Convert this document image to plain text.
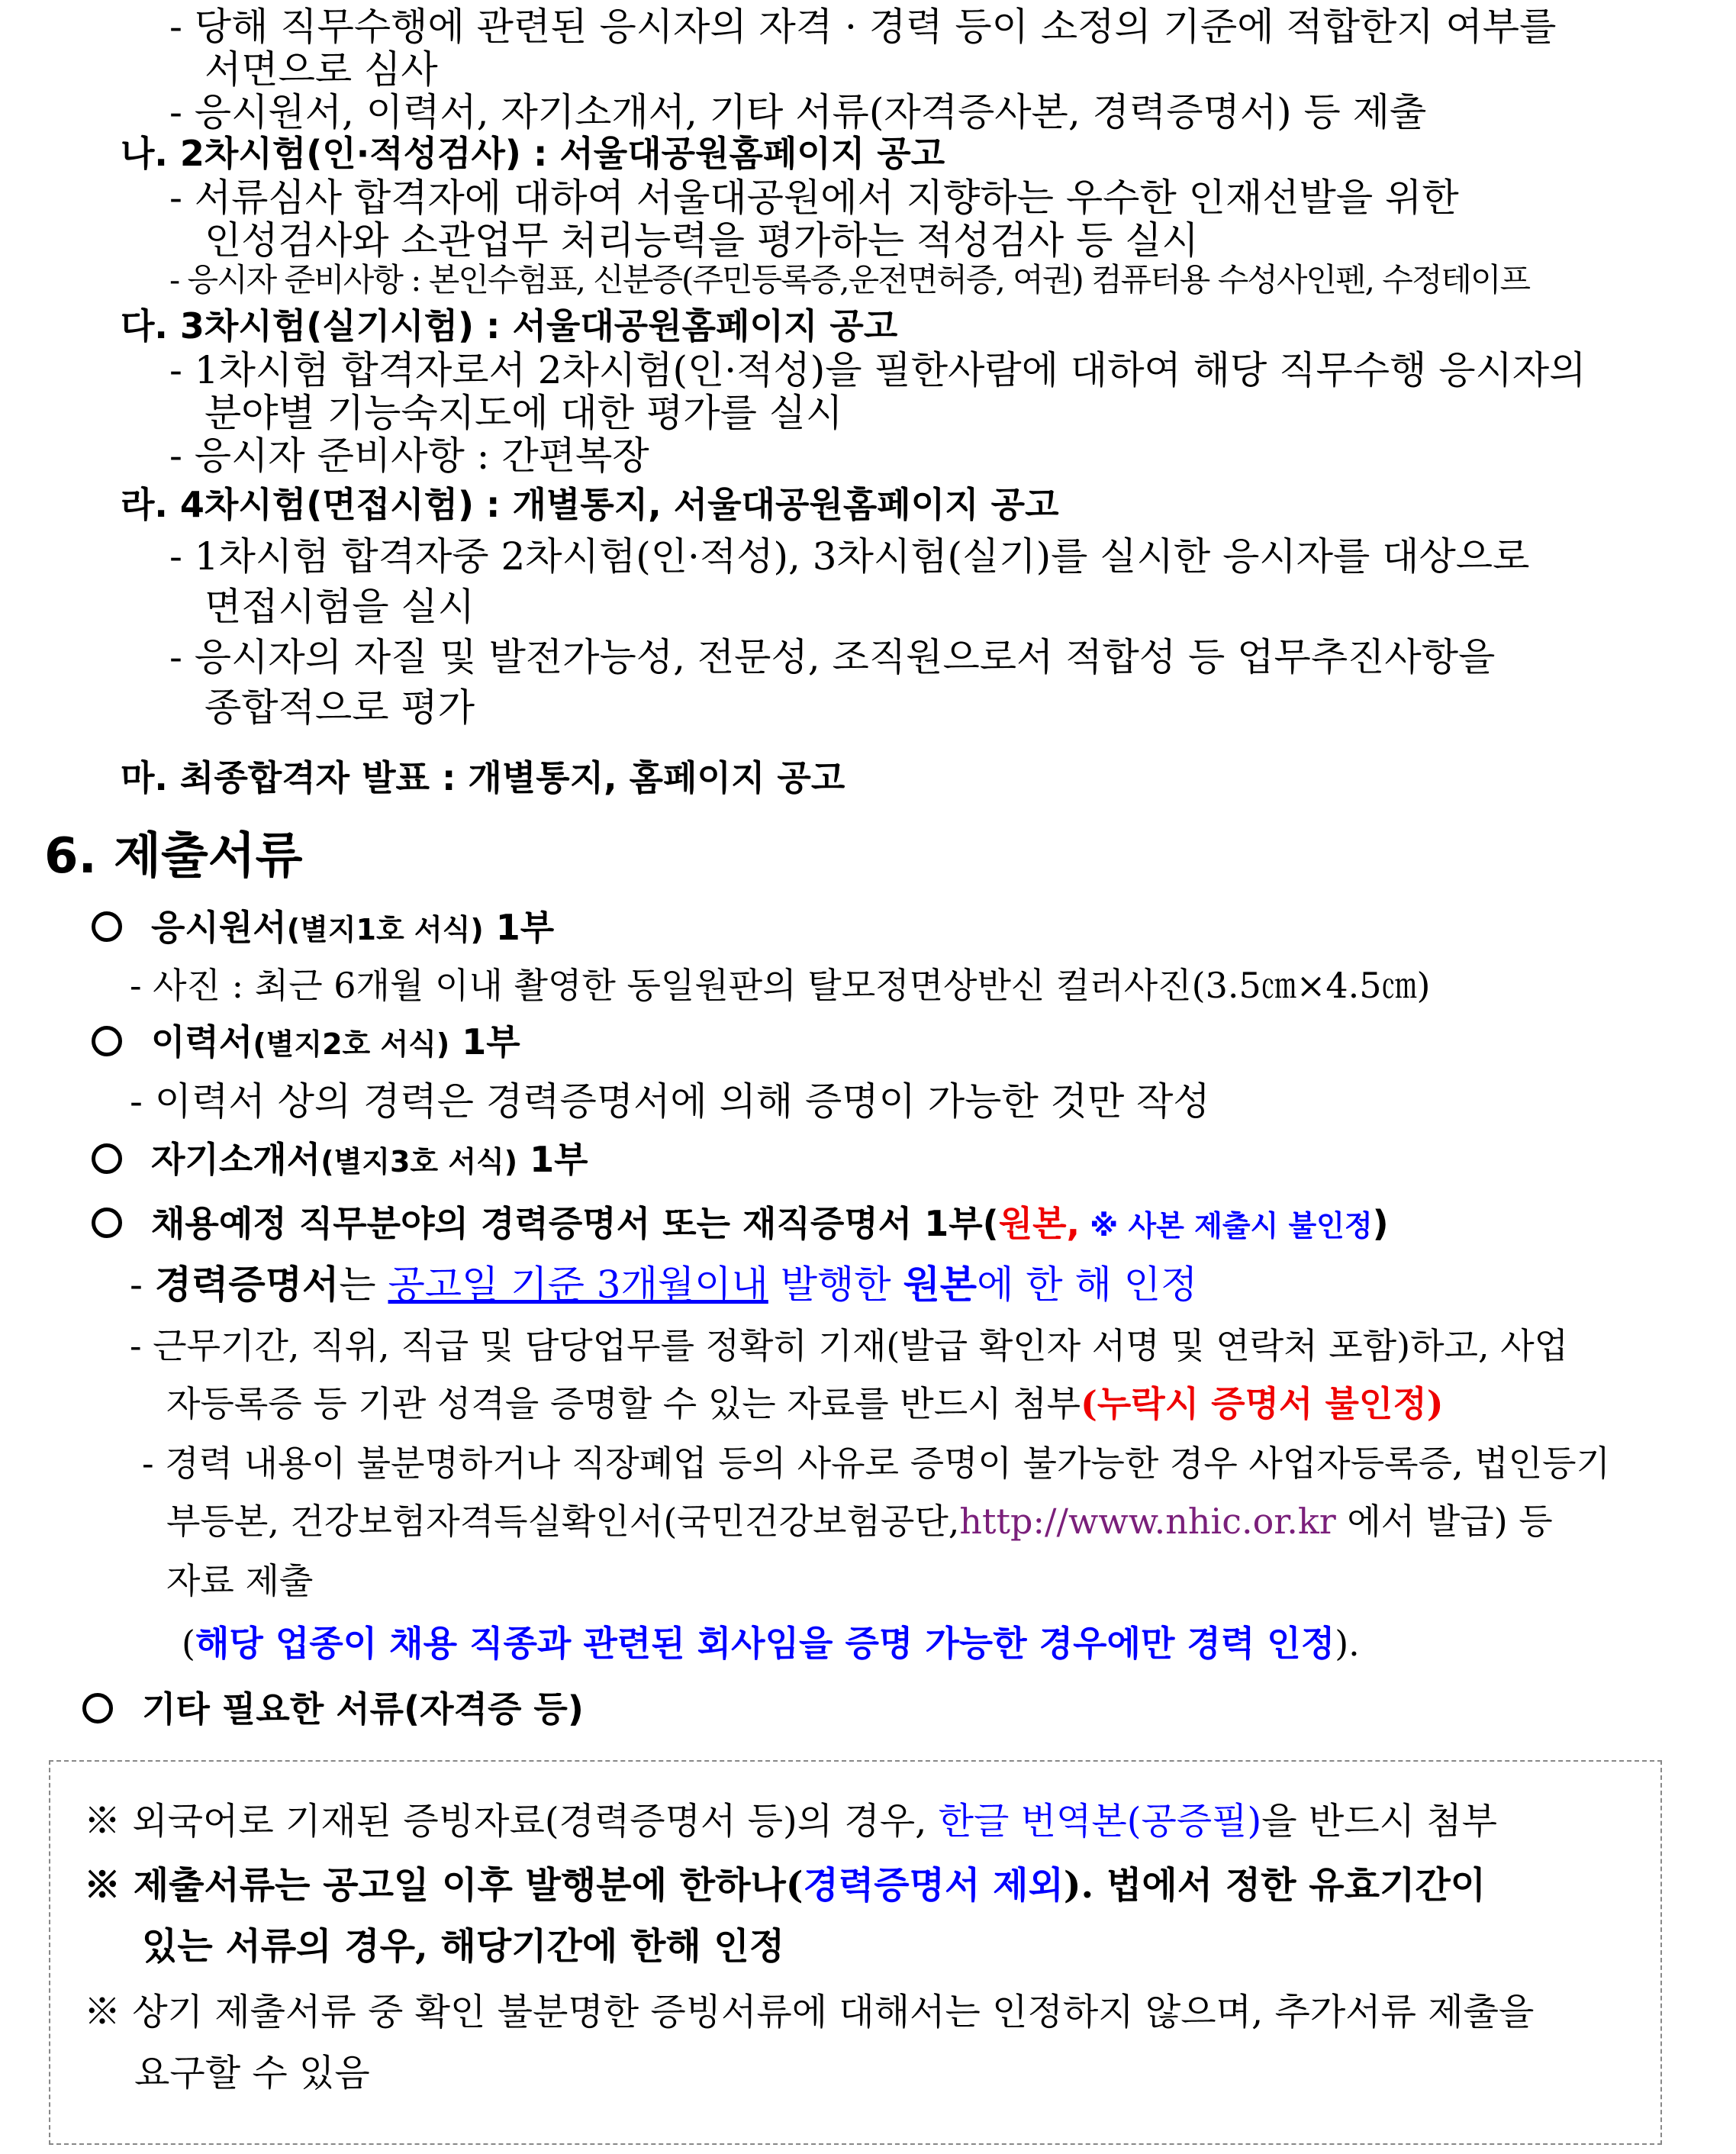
- 당해 직무수행에 관련된 응시자의 자격 · 경력 등이 소정의 기준에 적합한지 여부를
서면으로 심사
- 응시원서, 이력서, 자기소개서, 기타 서류(자격증사본, 경력증명서) 등 제출
나. 2차시험(인·적성검사) : 서울대공원홈페이지 공고
- 서류심사 합격자에 대하여 서울대공원에서 지향하는 우수한 인재선발을 위한
인성검사와 소관업무 처리능력을 평가하는 적성검사 등 실시
- 응시자 준비사항 : 본인수험표, 신분증(주민등록증,운전면허증, 여권) 컴퓨터용 수성사인펜, 수정테이프
다. 3차시험(실기시험) : 서울대공원홈페이지 공고
- 1차시험 합격자로서 2차시험(인·적성)을 필한사람에 대하여 해당 직무수행 응시자의
분야별 기능숙지도에 대한 평가를 실시
- 응시자 준비사항 : 간편복장
라. 4차시험(면접시험) : 개별통지, 서울대공원홈페이지 공고
- 1차시험 합격자중 2차시험(인·적성), 3차시험(실기)를 실시한 응시자를 대상으로
면접시험을 실시
- 응시자의 자질 및 발전가능성, 전문성, 조직원으로서 적합성 등 업무추진사항을
종합적으로 평가
마. 최종합격자 발표 : 개별통지, 홈페이지 공고
6. 제출서류
응시원서(별지1호 서식) 1부
- 사진 : 최근 6개월 이내 촬영한 동일원판의 탈모정면상반신 컬러사진(3.5㎝×4.5㎝)
이력서(별지2호 서식) 1부
- 이력서 상의 경력은 경력증명서에 의해 증명이 가능한 것만 작성
자기소개서(별지3호 서식) 1부
채용예정 직무분야의 경력증명서 또는 재직증명서 1부(원본, ※ 사본 제출시 불인정)
- 경력증명서는 공고일 기준 3개월이내 발행한 원본에 한 해 인정
- 근무기간, 직위, 직급 및 담당업무를 정확히 기재(발급 확인자 서명 및 연락처 포함)하고, 사업
자등록증 등 기관 성격을 증명할 수 있는 자료를 반드시 첨부(누락시 증명서 불인정)
- 경력 내용이 불분명하거나 직장폐업 등의 사유로 증명이 불가능한 경우 사업자등록증, 법인등기
부등본, 건강보험자격득실확인서(국민건강보험공단,http://www.nhic.or.kr 에서 발급) 등
자료 제출
(해당 업종이 채용 직종과 관련된 회사임을 증명 가능한 경우에만 경력 인정).
기타 필요한 서류(자격증 등)
※ 외국어로 기재된 증빙자료(경력증명서 등)의 경우, 한글 번역본(공증필)을 반드시 첨부
※ 제출서류는 공고일 이후 발행분에 한하나(경력증명서 제외). 법에서 정한 유효기간이
있는 서류의 경우, 해당기간에 한해 인정
※ 상기 제출서류 중 확인 불분명한 증빙서류에 대해서는 인정하지 않으며, 추가서류 제출을
요구할 수 있음
